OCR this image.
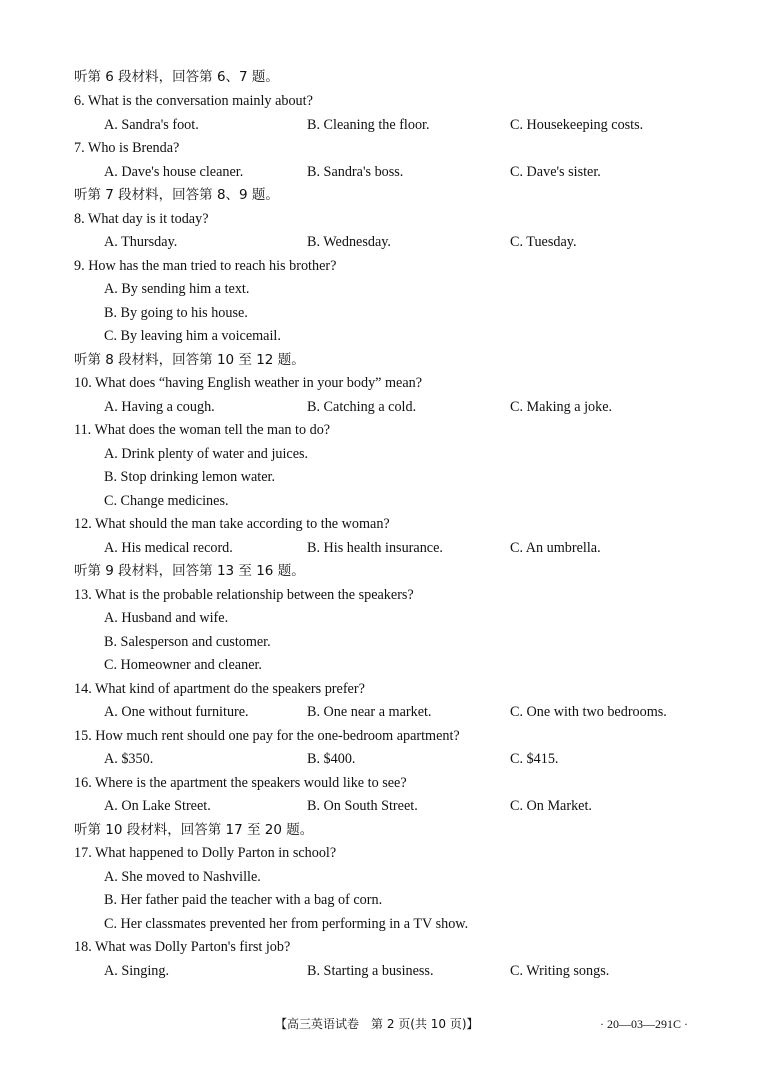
听第 6 段材料，回答第 6、7 题。
6. What is the conversation mainly about?
A. Sandra's foot.	B. Cleaning the floor.	C. Housekeeping costs.
7. Who is Brenda?
A. Dave's house cleaner.	B. Sandra's boss.	C. Dave's sister.
听第 7 段材料，回答第 8、9 题。
8. What day is it today?
A. Thursday.	B. Wednesday.	C. Tuesday.
9. How has the man tried to reach his brother?
A. By sending him a text.
B. By going to his house.
C. By leaving him a voicemail.
听第 8 段材料，回答第 10 至 12 题。
10. What does “having English weather in your body” mean?
A. Having a cough.	B. Catching a cold.	C. Making a joke.
11. What does the woman tell the man to do?
A. Drink plenty of water and juices.
B. Stop drinking lemon water.
C. Change medicines.
12. What should the man take according to the woman?
A. His medical record.	B. His health insurance.	C. An umbrella.
听第 9 段材料，回答第 13 至 16 题。
13. What is the probable relationship between the speakers?
A. Husband and wife.
B. Salesperson and customer.
C. Homeowner and cleaner.
14. What kind of apartment do the speakers prefer?
A. One without furniture.	B. One near a market.	C. One with two bedrooms.
15. How much rent should one pay for the one-bedroom apartment?
A. $350.	B. $400.	C. $415.
16. Where is the apartment the speakers would like to see?
A. On Lake Street.	B. On South Street.	C. On Market.
听第 10 段材料，回答第 17 至 20 题。
17. What happened to Dolly Parton in school?
A. She moved to Nashville.
B. Her father paid the teacher with a bag of corn.
C. Her classmates prevented her from performing in a TV show.
18. What was Dolly Parton's first job?
A. Singing.	B. Starting a business.	C. Writing songs.
【高三英语试卷　第 2 页(共 10 页)】	· 20—03—291C ·
